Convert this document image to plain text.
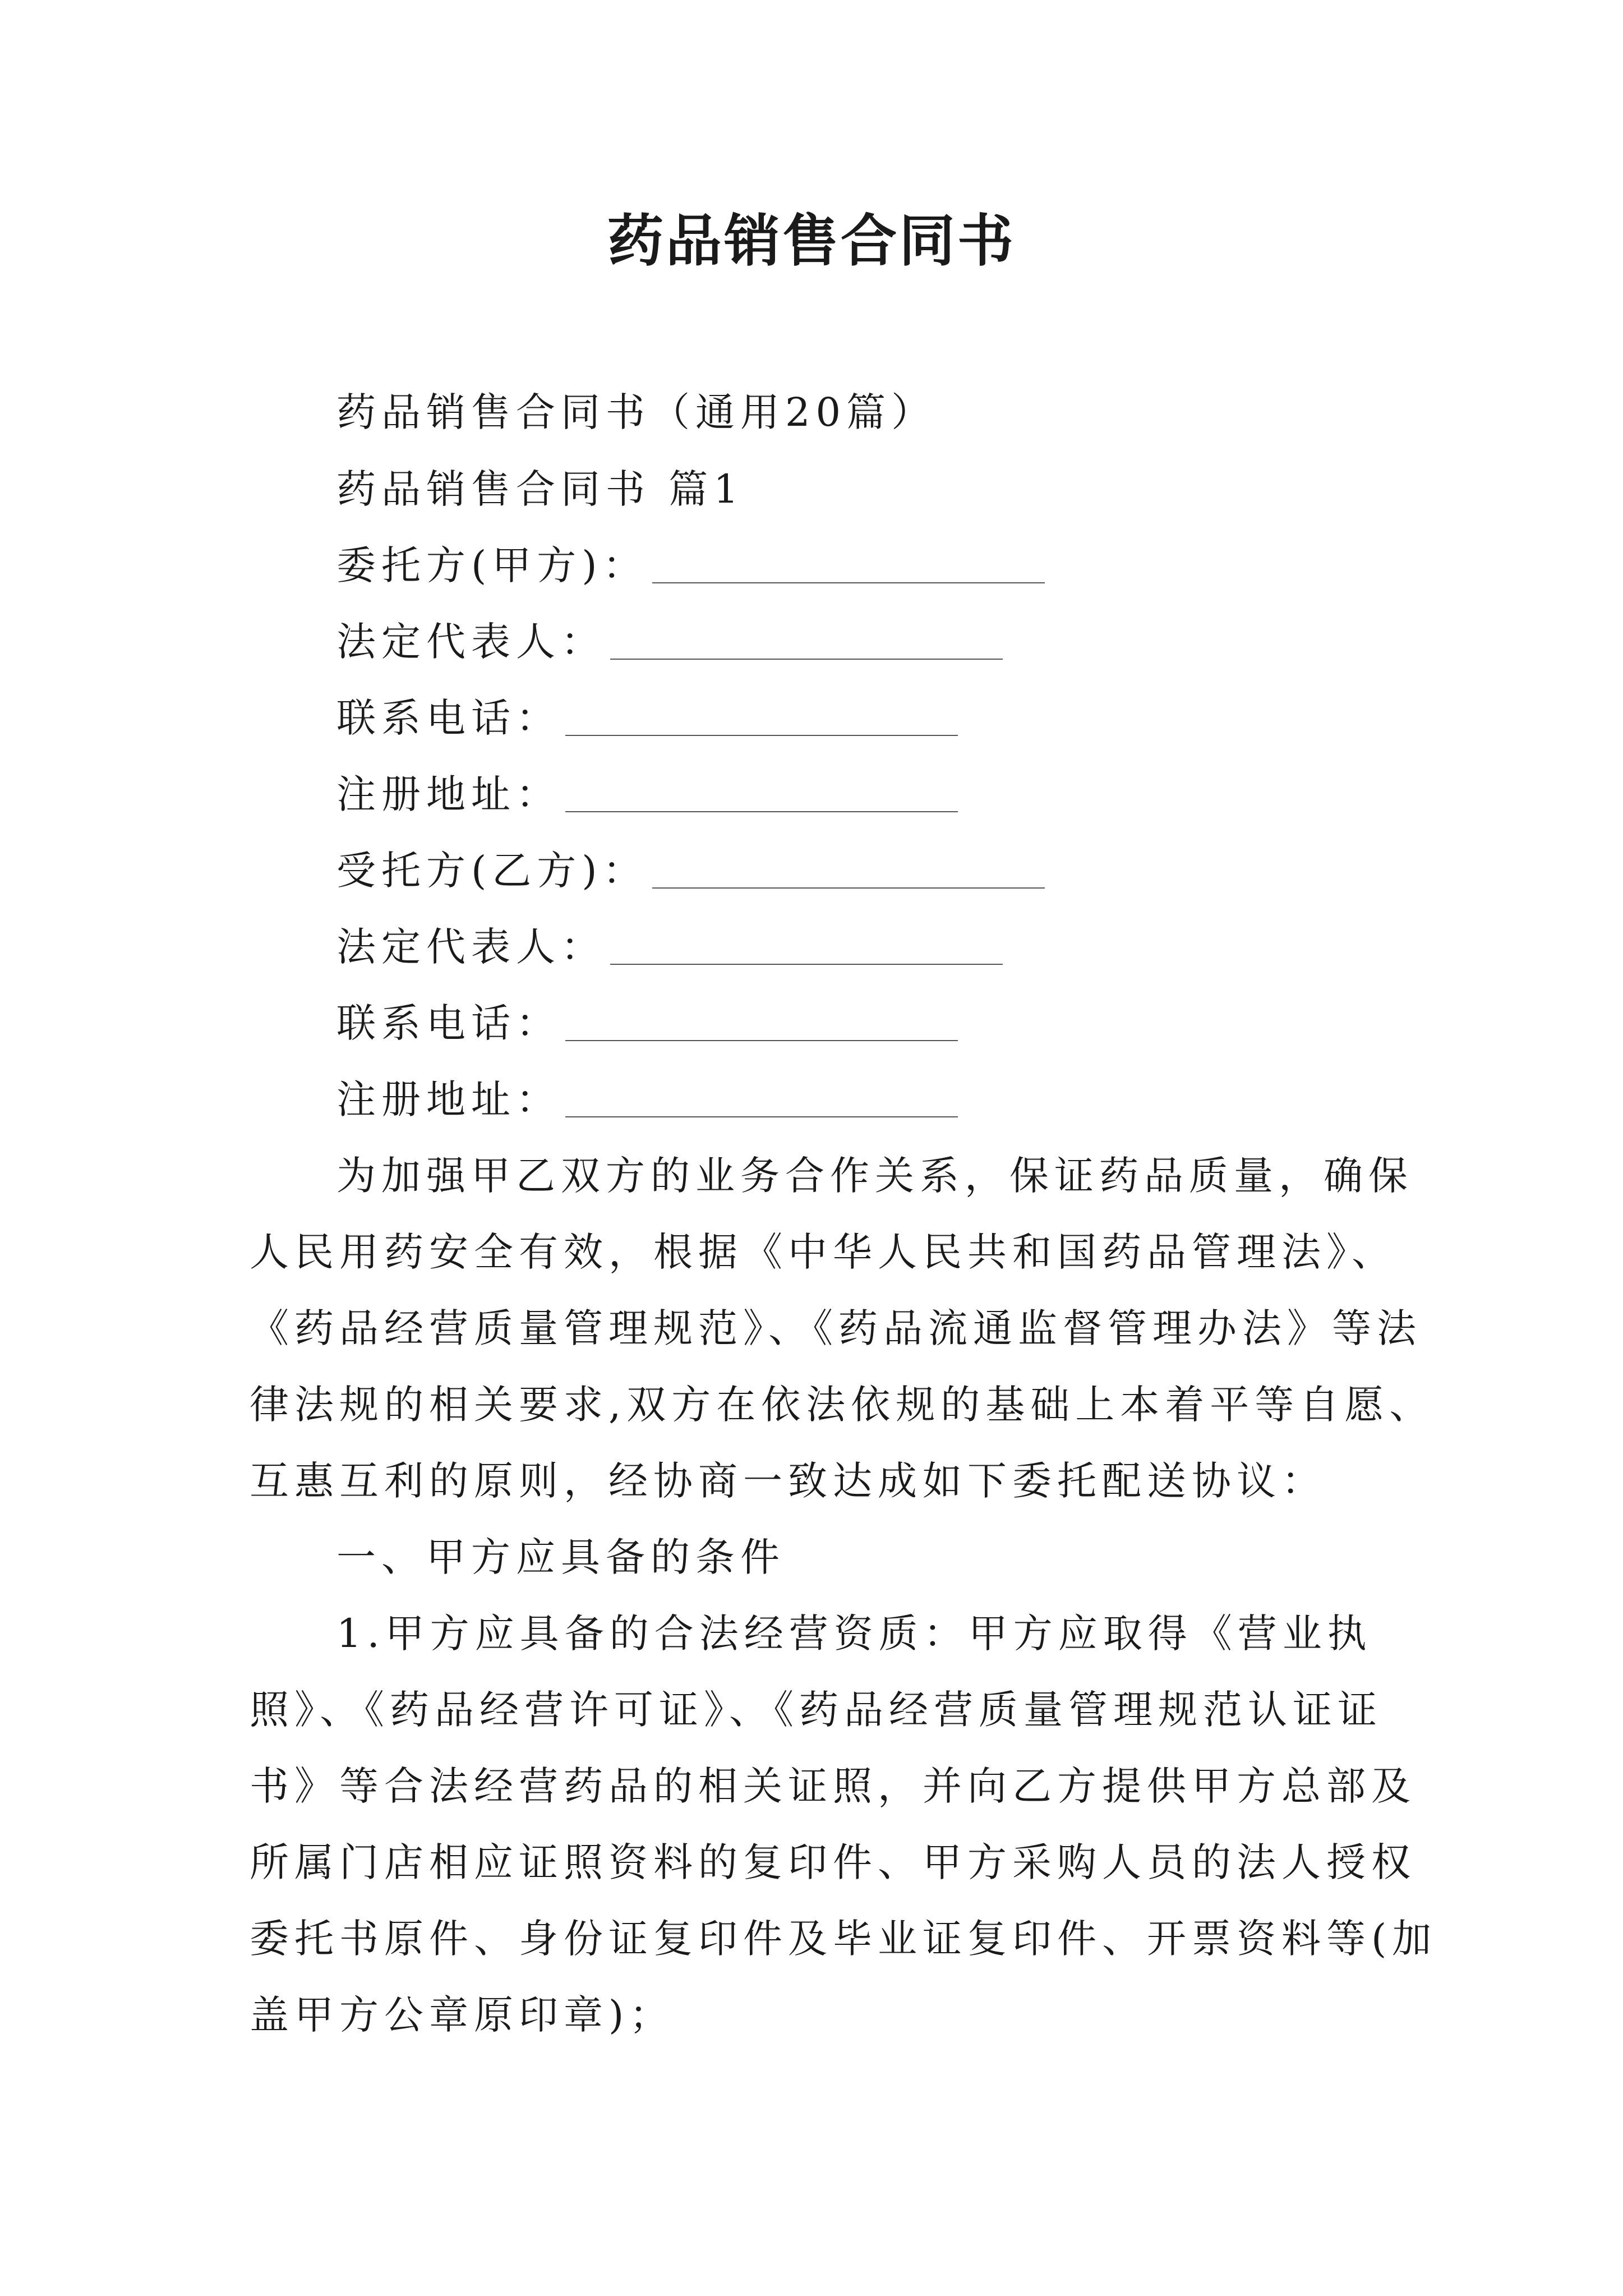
药品销售合同书
药品销售合同书（通用20篇）
药品销售合同书 篇1
委托方(甲方)：
法定代表人：
联系电话：
注册地址：
受托方(乙方)：
法定代表人：
联系电话：
注册地址：
为加强甲乙双方的业务合作关系，保证药品质量，确保
人民用药安全有效，根据《中华人民共和国药品管理法》、
《药品经营质量管理规范》、《药品流通监督管理办法》等法
律法规的相关要求,双方在依法依规的基础上本着平等自愿、
互惠互利的原则，经协商一致达成如下委托配送协议：
一、甲方应具备的条件
1.甲方应具备的合法经营资质：甲方应取得《营业执
照》、《药品经营许可证》、《药品经营质量管理规范认证证
书》等合法经营药品的相关证照，并向乙方提供甲方总部及
所属门店相应证照资料的复印件、甲方采购人员的法人授权
委托书原件、身份证复印件及毕业证复印件、开票资料等(加
盖甲方公章原印章)；
